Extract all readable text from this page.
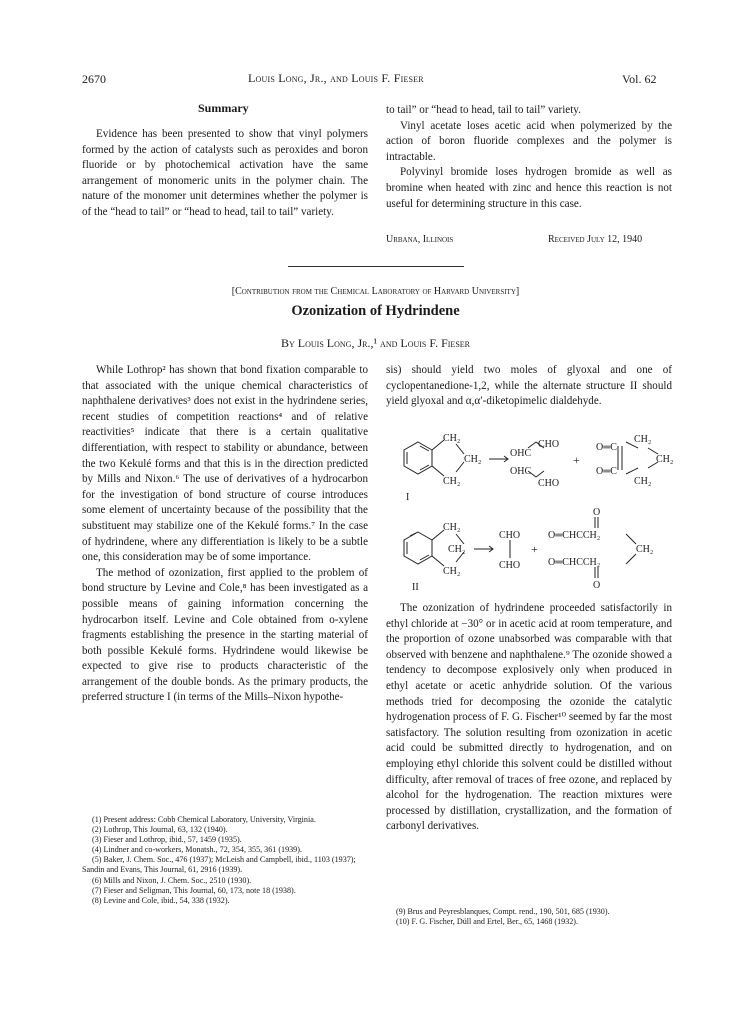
2670	Louis Long, Jr., and Louis F. Fieser	Vol. 62
Summary

Evidence has been presented to show that vinyl polymers formed by the action of catalysts such as peroxides and boron fluoride or by photochemical activation have the same arrangement of monomeric units in the polymer chain. The nature of the monomer unit determines whether the polymer is of the “head to tail” or “head to head, tail to tail” variety.

to tail” or “head to head, tail to tail” variety.

Vinyl acetate loses acetic acid when polymerized by the action of boron fluoride complexes and the polymer is intractable.

Polyvinyl bromide loses hydrogen bromide as well as bromine when heated with zinc and hence this reaction is not useful for determining structure in this case.

Urbana, Illinois	Received July 12, 1940
[Contribution from the Chemical Laboratory of Harvard University]
Ozonization of Hydrindene
By Louis Long, Jr.,¹ and Louis F. Fieser

While Lothrop² has shown that bond fixation comparable to that associated with the unique chemical characteristics of naphthalene derivatives³ does not exist in the hydrindene series, recent studies of competition reactions⁴ and of relative reactivities⁵ indicate that there is a certain qualitative differentiation, with respect to stability or abundance, between the two Kekulé forms and that this is in the direction predicted by Mills and Nixon.⁶ The use of derivatives of a hydrocarbon for the investigation of bond structure of course introduces some element of uncertainty because of the possibility that the substituent may stabilize one of the Kekulé forms.⁷ In the case of hydrindene, where any differentiation is likely to be a subtle one, this consideration may be of some importance.

The method of ozonization, first applied to the problem of bond structure by Levine and Cole,⁸ has been investigated as a possible means of gaining information concerning the hydrocarbon itself. Levine and Cole obtained from o-xylene fragments establishing the presence in the starting material of both possible Kekulé forms. Hydrindene would likewise be expected to give rise to products characteristic of the arrangement of the double bonds. As the primary products, the preferred structure I (in terms of the Mills–Nixon hypothe-

(1) Present address: Cobb Chemical Laboratory, University, Virginia.
(2) Lothrop, This Journal, 63, 132 (1940).
(3) Fieser and Lothrop, ibid., 57, 1459 (1935).
(4) Lindner and co-workers, Monatsh., 72, 354, 355, 361 (1939).
(5) Baker, J. Chem. Soc., 476 (1937); McLeish and Campbell, ibid., 1103 (1937); Sandin and Evans, This Journal, 61, 2916 (1939).
(6) Mills and Nixon, J. Chem. Soc., 2510 (1930).
(7) Fieser and Seligman, This Journal, 60, 173, note 18 (1938).
(8) Levine and Cole, ibid., 54, 338 (1932).

sis) should yield two moles of glyoxal and one of cyclopentanedione-1,2, while the alternate structure II should yield glyoxal and α,α′-diketopimelic dialdehyde.

CH₂
CH₂
CH₂
I
OHC
CHO
OHC
CHO
+
O═C
O═C
CH₂
CH₂
CH₂
CH₂
CH₂
CH₂
II
CHO
CHO
+
O
O═CHCCH₂
CH₂
O═CHCCH₂
O

The ozonization of hydrindene proceeded satisfactorily in ethyl chloride at −30° or in acetic acid at room temperature, and the proportion of ozone unabsorbed was comparable with that observed with benzene and naphthalene.⁹ The ozonide showed a tendency to decompose explosively only when produced in ethyl acetate or acetic anhydride solution. Of the various methods tried for decomposing the ozonide the catalytic hydrogenation process of F. G. Fischer¹⁰ seemed by far the most satisfactory. The solution resulting from ozonization in acetic acid could be submitted directly to hydrogenation, and on employing ethyl chloride this solvent could be distilled without difficulty, after removal of traces of free ozone, and replaced by alcohol for the hydrogenation. The reaction mixtures were processed by distillation, crystallization, and the formation of carbonyl derivatives.

(9) Brus and Peyresblanques, Compt. rend., 190, 501, 685 (1930).
(10) F. G. Fischer, Düll and Ertel, Ber., 65, 1468 (1932).
